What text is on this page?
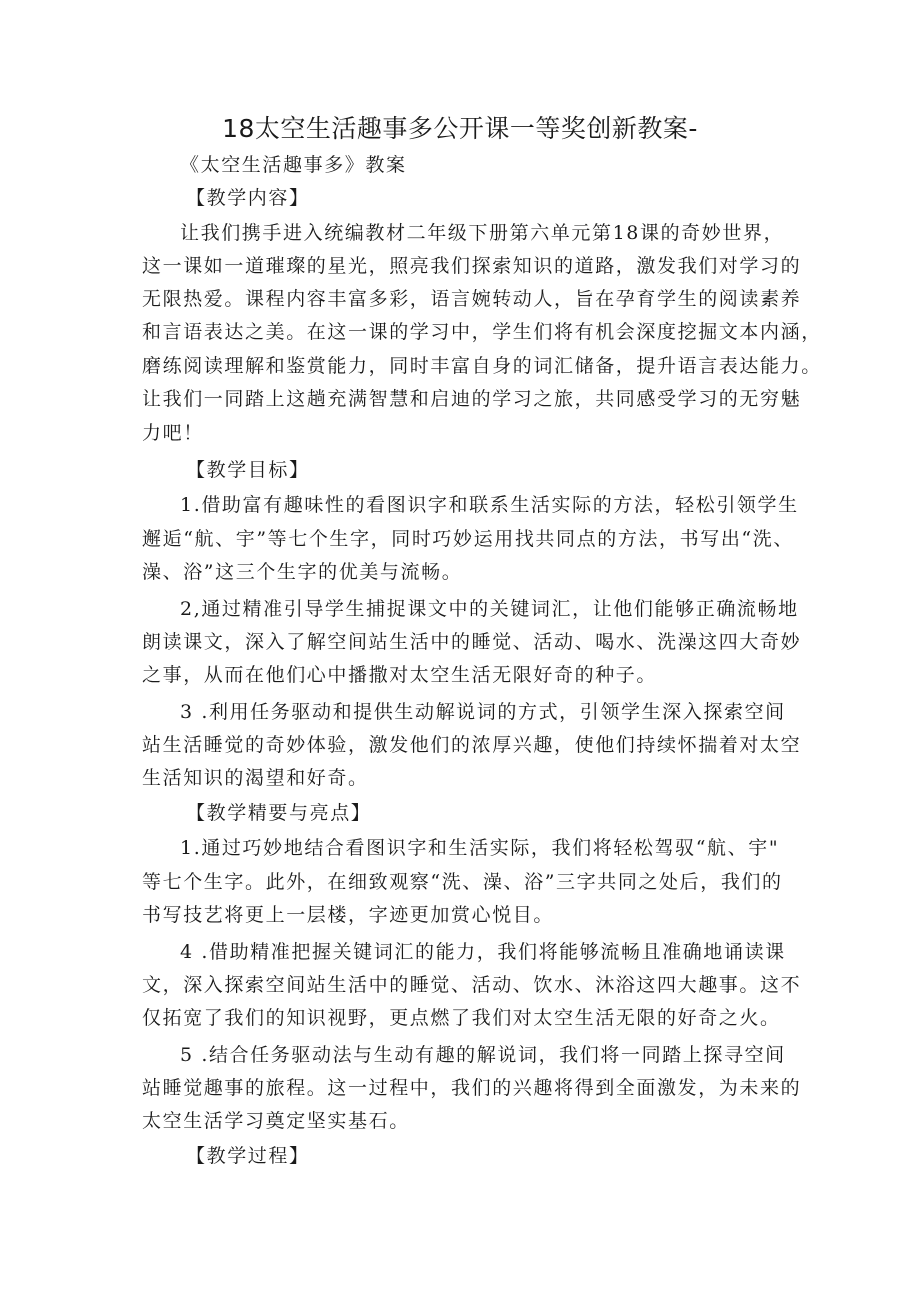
18太空生活趣事多公开课一等奖创新教案-

《太空生活趣事多》教案

【教学内容】

让我们携手进入统编教材二年级下册第六单元第18课的奇妙世界，

这一课如一道璀璨的星光，照亮我们探索知识的道路，激发我们对学习的

无限热爱。课程内容丰富多彩，语言婉转动人，旨在孕育学生的阅读素养

和言语表达之美。在这一课的学习中，学生们将有机会深度挖掘文本内涵，

磨练阅读理解和鉴赏能力，同时丰富自身的词汇储备，提升语言表达能力。

让我们一同踏上这趟充满智慧和启迪的学习之旅，共同感受学习的无穷魅

力吧！

【教学目标】

1.借助富有趣味性的看图识字和联系生活实际的方法，轻松引领学生

邂逅“航、宇”等七个生字，同时巧妙运用找共同点的方法，书写出“洗、

澡、浴”这三个生字的优美与流畅。

2,通过精准引导学生捕捉课文中的关键词汇，让他们能够正确流畅地

朗读课文，深入了解空间站生活中的睡觉、活动、喝水、洗澡这四大奇妙

之事，从而在他们心中播撒对太空生活无限好奇的种子。

3 .利用任务驱动和提供生动解说词的方式，引领学生深入探索空间

站生活睡觉的奇妙体验，激发他们的浓厚兴趣，使他们持续怀揣着对太空

生活知识的渴望和好奇。

【教学精要与亮点】

1.通过巧妙地结合看图识字和生活实际，我们将轻松驾驭“航、宇"

等七个生字。此外，在细致观察“洗、澡、浴”三字共同之处后，我们的

书写技艺将更上一层楼，字迹更加赏心悦目。

4 .借助精准把握关键词汇的能力，我们将能够流畅且准确地诵读课

文，深入探索空间站生活中的睡觉、活动、饮水、沐浴这四大趣事。这不

仅拓宽了我们的知识视野，更点燃了我们对太空生活无限的好奇之火。

5 .结合任务驱动法与生动有趣的解说词，我们将一同踏上探寻空间

站睡觉趣事的旅程。这一过程中，我们的兴趣将得到全面激发，为未来的

太空生活学习奠定坚实基石。

【教学过程】
